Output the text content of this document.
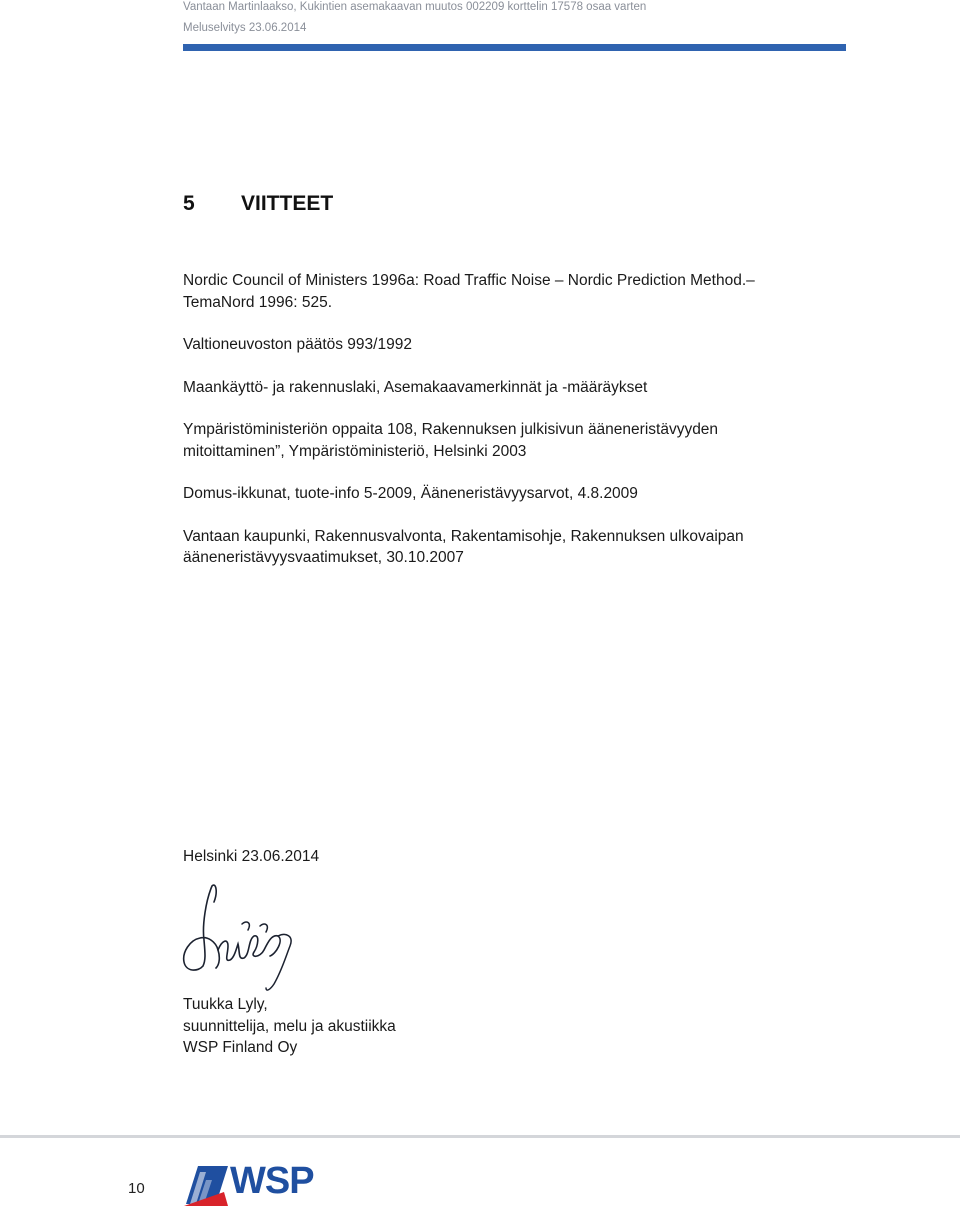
Vantaan Martinlaakso, Kukintien asemakaavan muutos 002209 korttelin 17578 osaa varten
Meluselvitys 23.06.2014
5 VIITTEET
Nordic Council of Ministers 1996a: Road Traffic Noise – Nordic Prediction Method.–
TemaNord 1996: 525.
Valtioneuvoston päätös 993/1992
Maankäyttö- ja rakennuslaki, Asemakaavamerkinnät ja -määräykset
Ympäristöministeriön oppaita 108, Rakennuksen julkisivun ääneneristävyyden
mitoittaminen”, Ympäristöministeriö, Helsinki 2003
Domus-ikkunat, tuote-info 5-2009, Ääneneristävyysarvot, 4.8.2009
Vantaan kaupunki, Rakennusvalvonta, Rakentamisohje, Rakennuksen ulkovaipan
ääneneristävyysvaatimukset, 30.10.2007
Helsinki 23.06.2014
Tuukka Lyly,
suunnittelija, melu ja akustiikka
WSP Finland Oy
10 WSP
